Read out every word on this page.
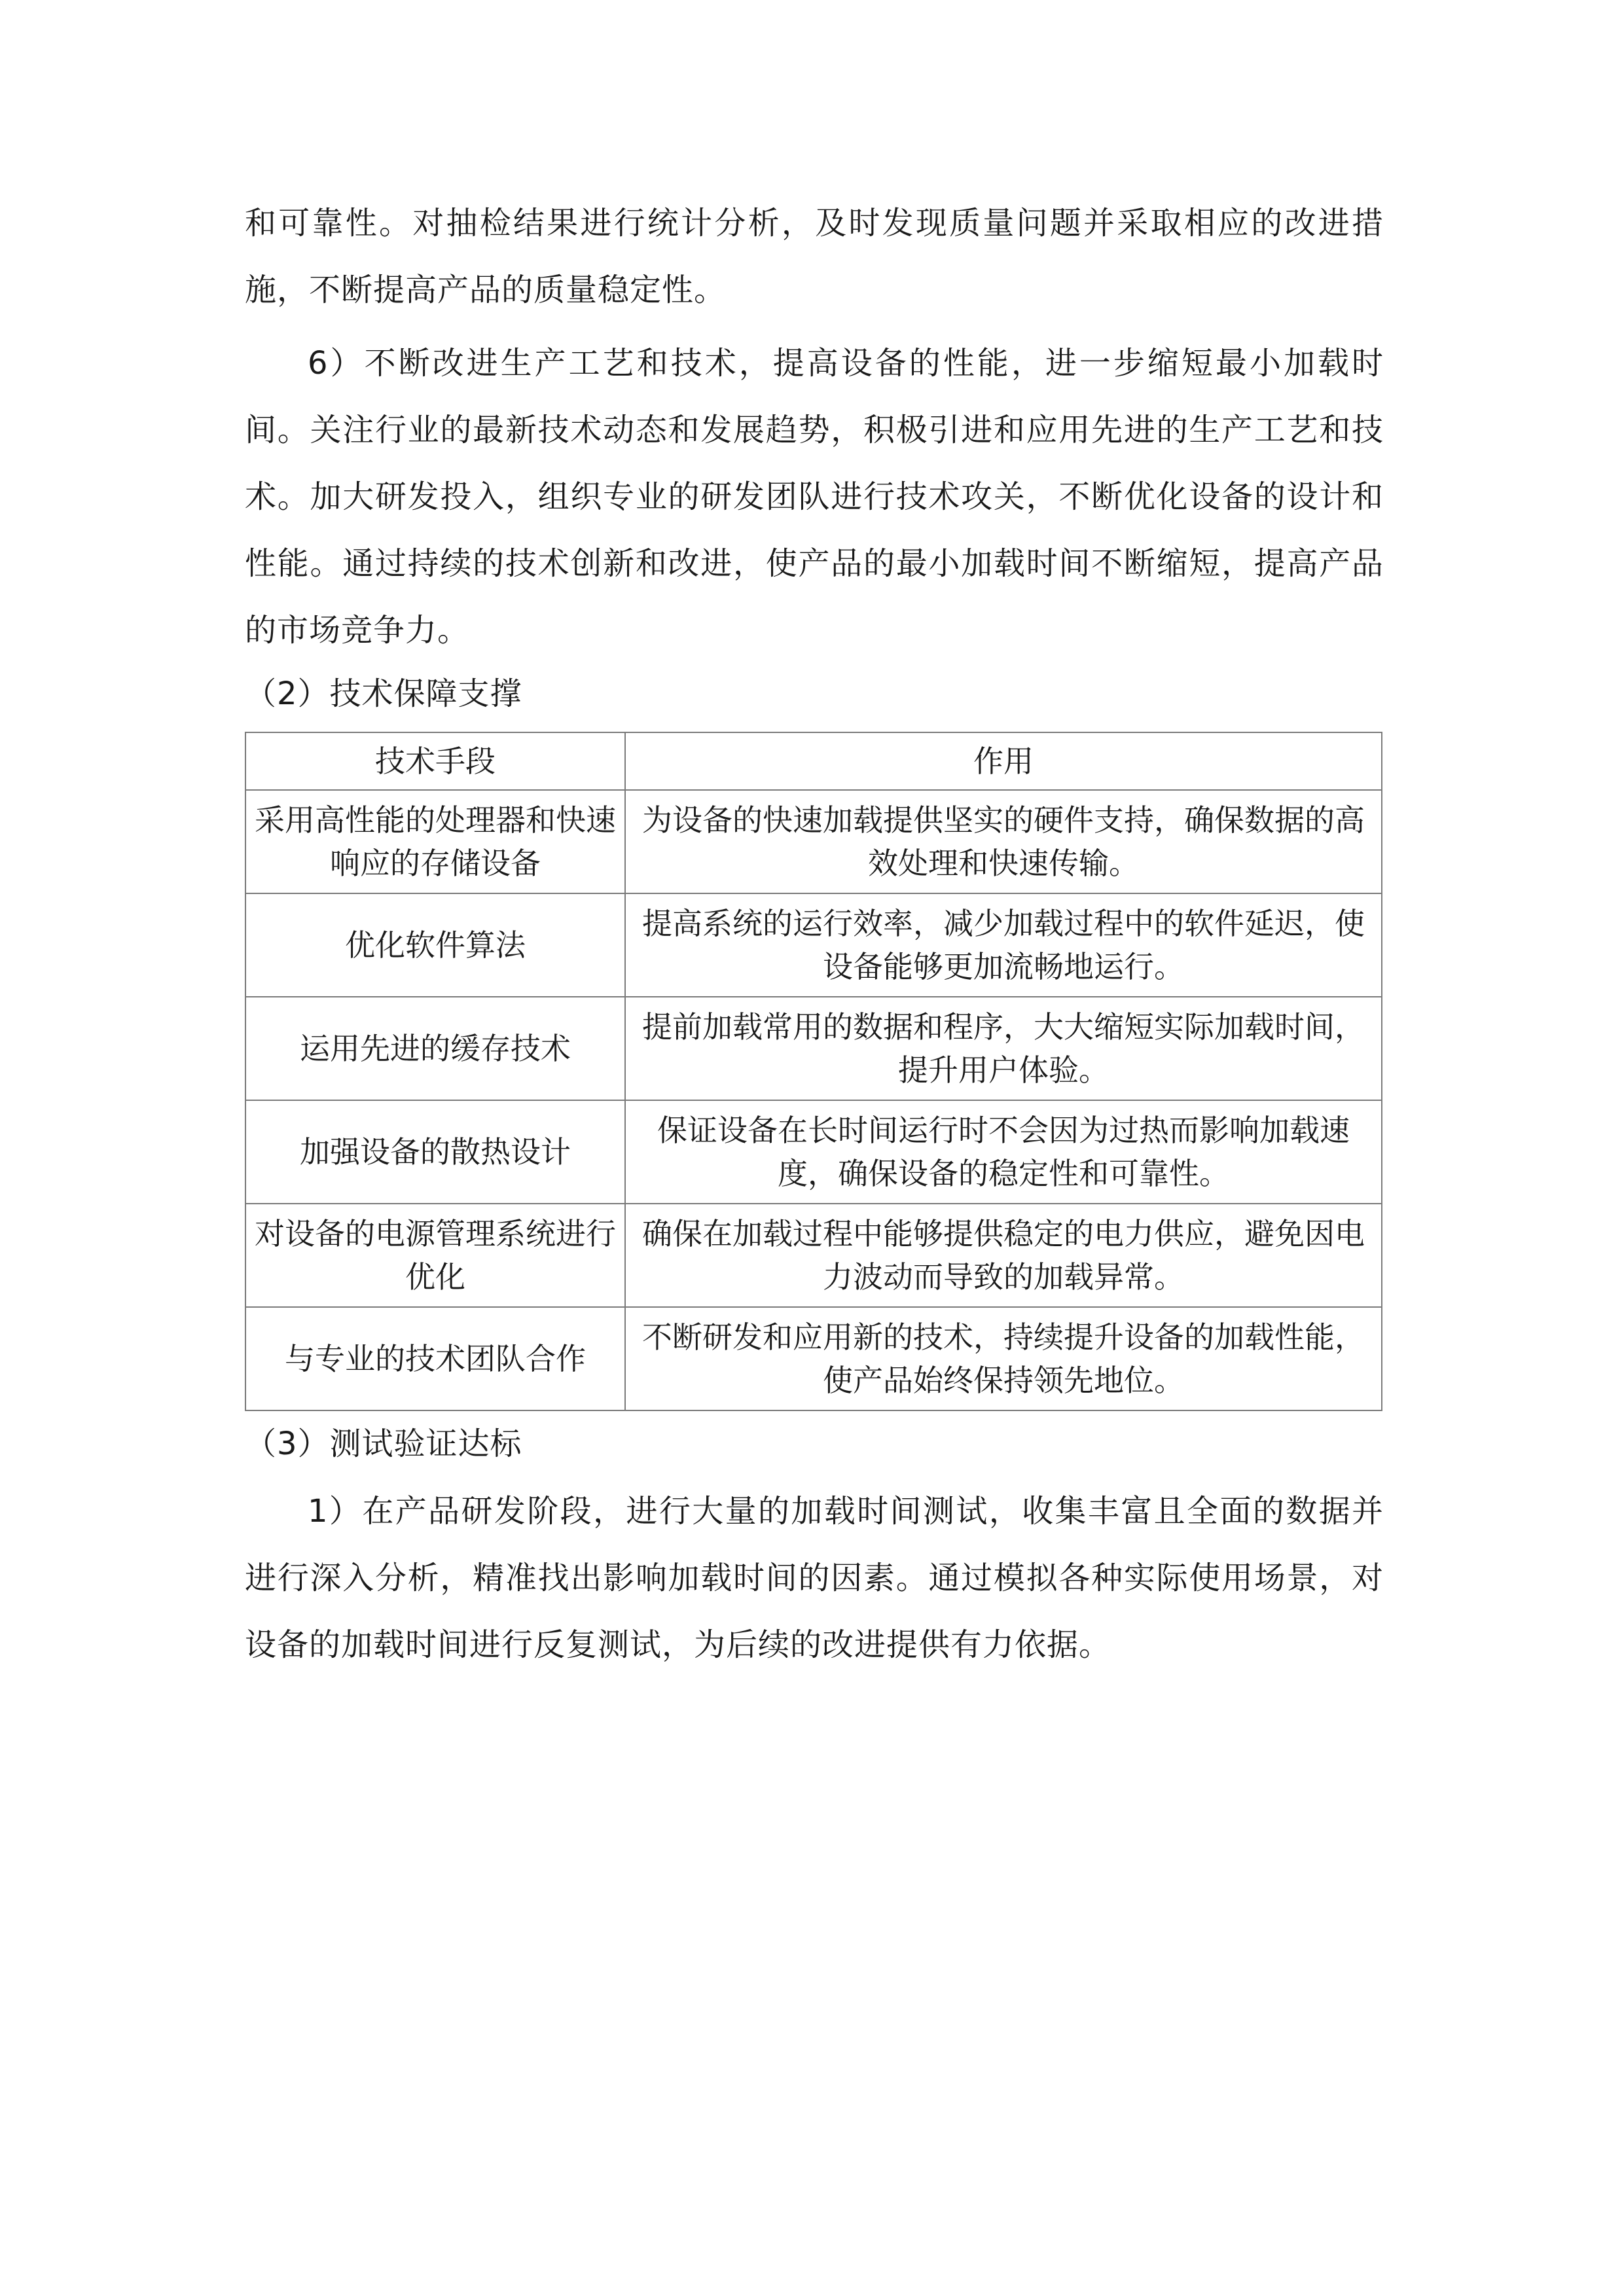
和可靠性。对抽检结果进行统计分析，及时发现质量问题并采取相应的改进措施，不断提高产品的质量稳定性。

6）不断改进生产工艺和技术，提高设备的性能，进一步缩短最小加载时间。关注行业的最新技术动态和发展趋势，积极引进和应用先进的生产工艺和技术。加大研发投入，组织专业的研发团队进行技术攻关，不断优化设备的设计和性能。通过持续的技术创新和改进，使产品的最小加载时间不断缩短，提高产品的市场竞争力。

（2）技术保障支撑

技术手段	作用
采用高性能的处理器和快速响应的存储设备	为设备的快速加载提供坚实的硬件支持，确保数据的高效处理和快速传输。
优化软件算法	提高系统的运行效率，减少加载过程中的软件延迟，使设备能够更加流畅地运行。
运用先进的缓存技术	提前加载常用的数据和程序，大大缩短实际加载时间，提升用户体验。
加强设备的散热设计	保证设备在长时间运行时不会因为过热而影响加载速度，确保设备的稳定性和可靠性。
对设备的电源管理系统进行优化	确保在加载过程中能够提供稳定的电力供应，避免因电力波动而导致的加载异常。
与专业的技术团队合作	不断研发和应用新的技术，持续提升设备的加载性能，使产品始终保持领先地位。

（3）测试验证达标

1）在产品研发阶段，进行大量的加载时间测试，收集丰富且全面的数据并进行深入分析，精准找出影响加载时间的因素。通过模拟各种实际使用场景，对设备的加载时间进行反复测试，为后续的改进提供有力依据。
